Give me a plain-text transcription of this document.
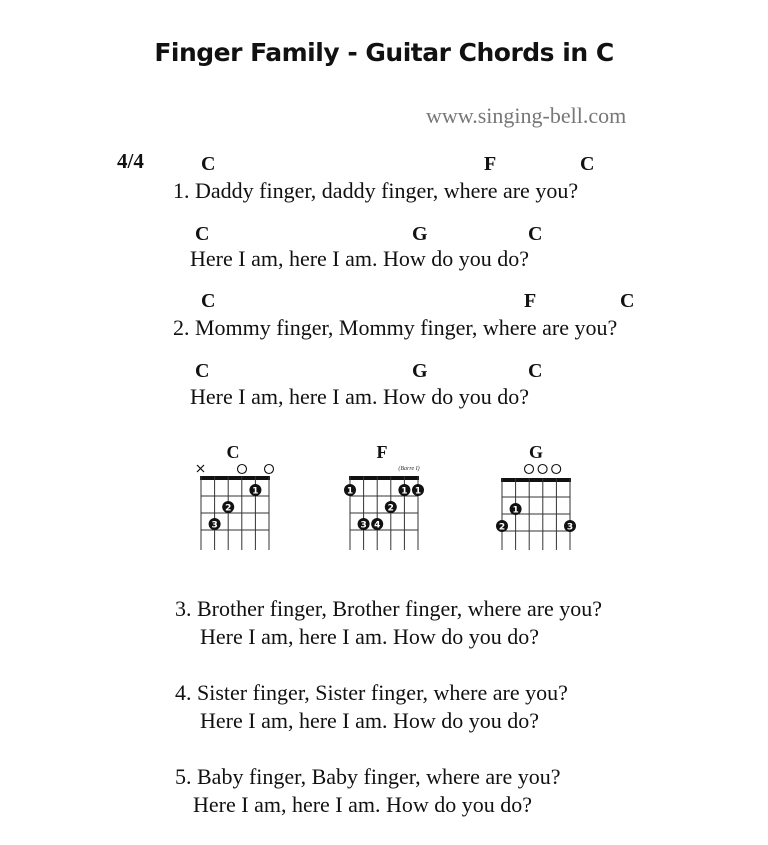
Finger Family - Guitar Chords in C
www.singing-bell.com
4/4	C	F	C
1. Daddy finger, daddy finger, where are you?
C	G	C
Here I am, here I am. How do you do?
C	F	C
2. Mommy finger, Mommy finger, where are you?
C	G	C
Here I am, here I am. How do you do?
C
1
2
3
F
(Barre I)
1	1 1
2
3 4
G
1
2	3
3. Brother finger, Brother finger, where are you?
Here I am, here I am. How do you do?
4. Sister finger, Sister finger, where are you?
Here I am, here I am. How do you do?
5. Baby finger, Baby finger, where are you?
Here I am, here I am. How do you do?
